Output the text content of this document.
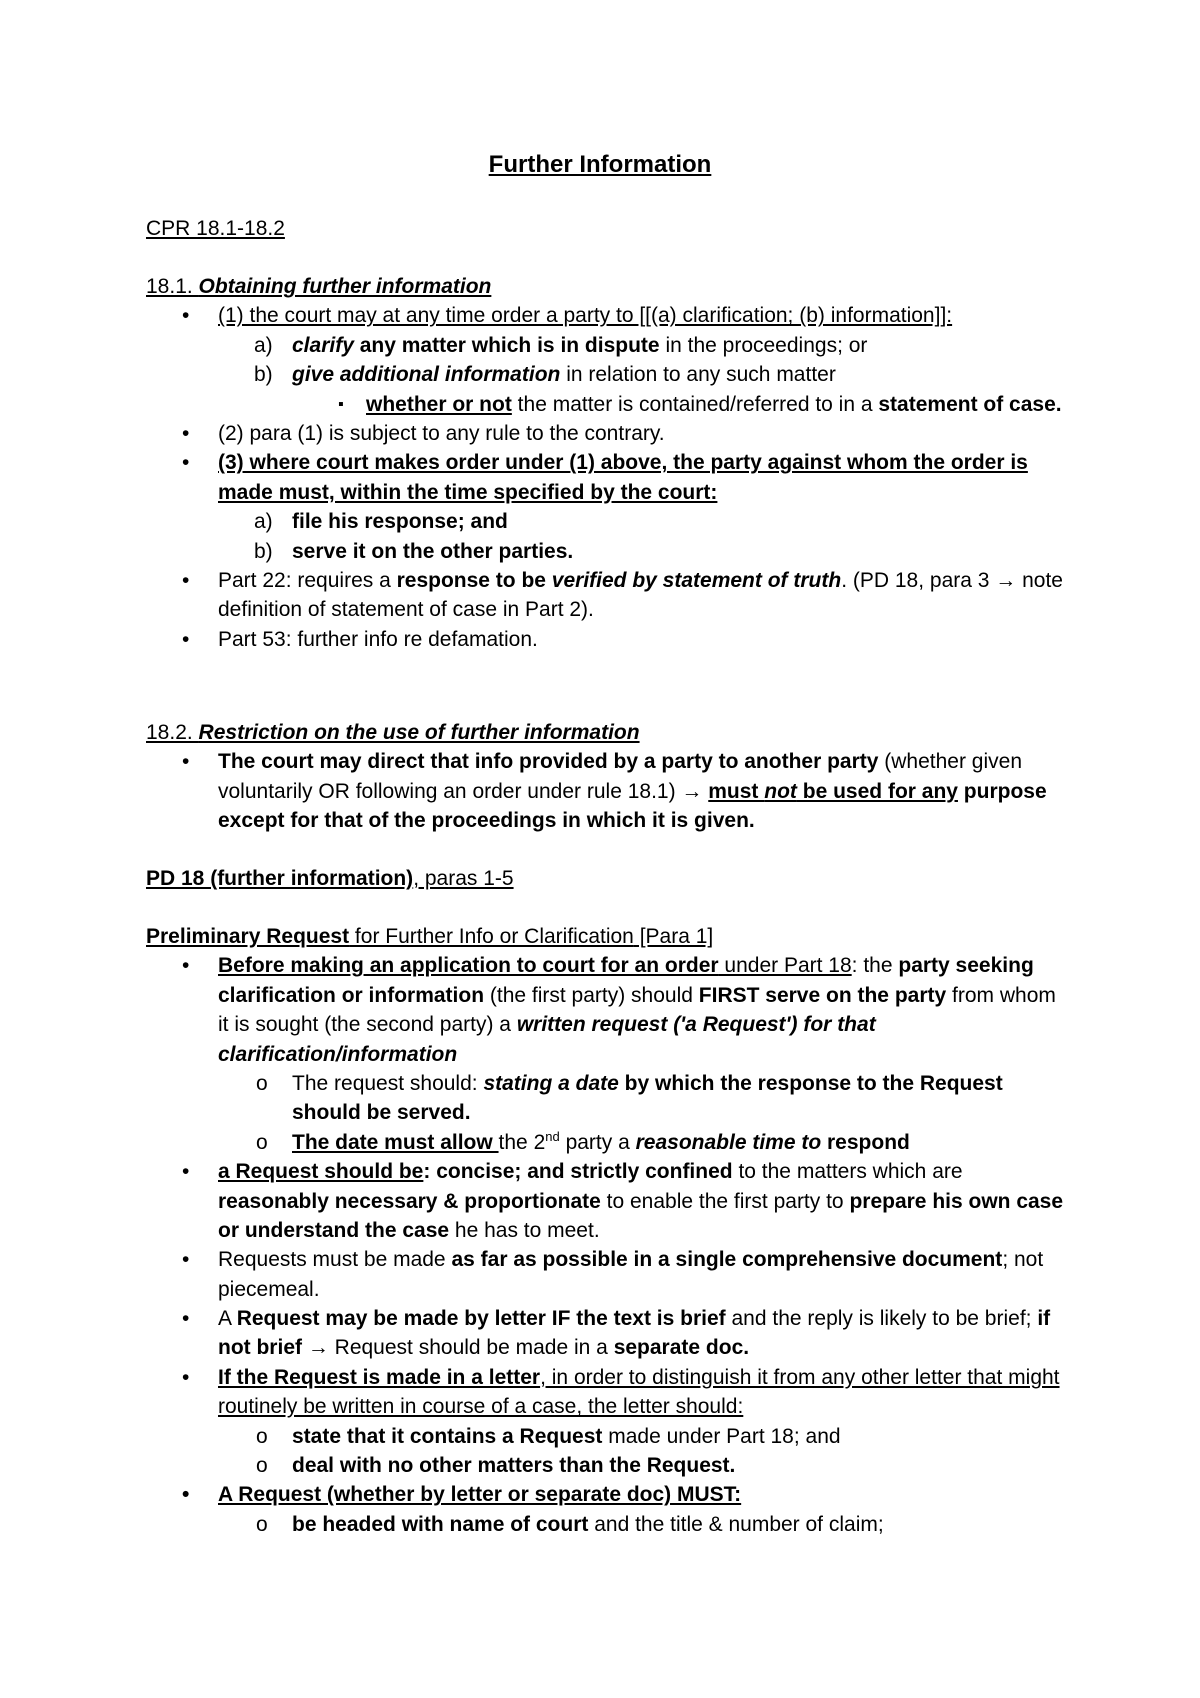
Further Information
CPR 18.1-18.2
18.1. Obtaining further information
• (1) the court may at any time order a party to [[(a) clarification; (b) information]]:
a) clarify any matter which is in dispute in the proceedings; or
b) give additional information in relation to any such matter
▪ whether or not the matter is contained/referred to in a statement of case.
• (2) para (1) is subject to any rule to the contrary.
• (3) where court makes order under (1) above, the party against whom the order is made must, within the time specified by the court:
a) file his response; and
b) serve it on the other parties.
• Part 22: requires a response to be verified by statement of truth. (PD 18, para 3 → note definition of statement of case in Part 2).
• Part 53: further info re defamation.
18.2. Restriction on the use of further information
• The court may direct that info provided by a party to another party (whether given voluntarily OR following an order under rule 18.1) → must not be used for any purpose except for that of the proceedings in which it is given.
PD 18 (further information), paras 1-5
Preliminary Request for Further Info or Clarification [Para 1]
• Before making an application to court for an order under Part 18: the party seeking clarification or information (the first party) should FIRST serve on the party from whom it is sought (the second party) a written request ('a Request') for that clarification/information
o The request should: stating a date by which the response to the Request should be served.
o The date must allow the 2nd party a reasonable time to respond
• a Request should be: concise; and strictly confined to the matters which are reasonably necessary & proportionate to enable the first party to prepare his own case or understand the case he has to meet.
• Requests must be made as far as possible in a single comprehensive document; not piecemeal.
• A Request may be made by letter IF the text is brief and the reply is likely to be brief; if not brief → Request should be made in a separate doc.
• If the Request is made in a letter, in order to distinguish it from any other letter that might routinely be written in course of a case, the letter should:
o state that it contains a Request made under Part 18; and
o deal with no other matters than the Request.
• A Request (whether by letter or separate doc) MUST:
o be headed with name of court and the title & number of claim;
